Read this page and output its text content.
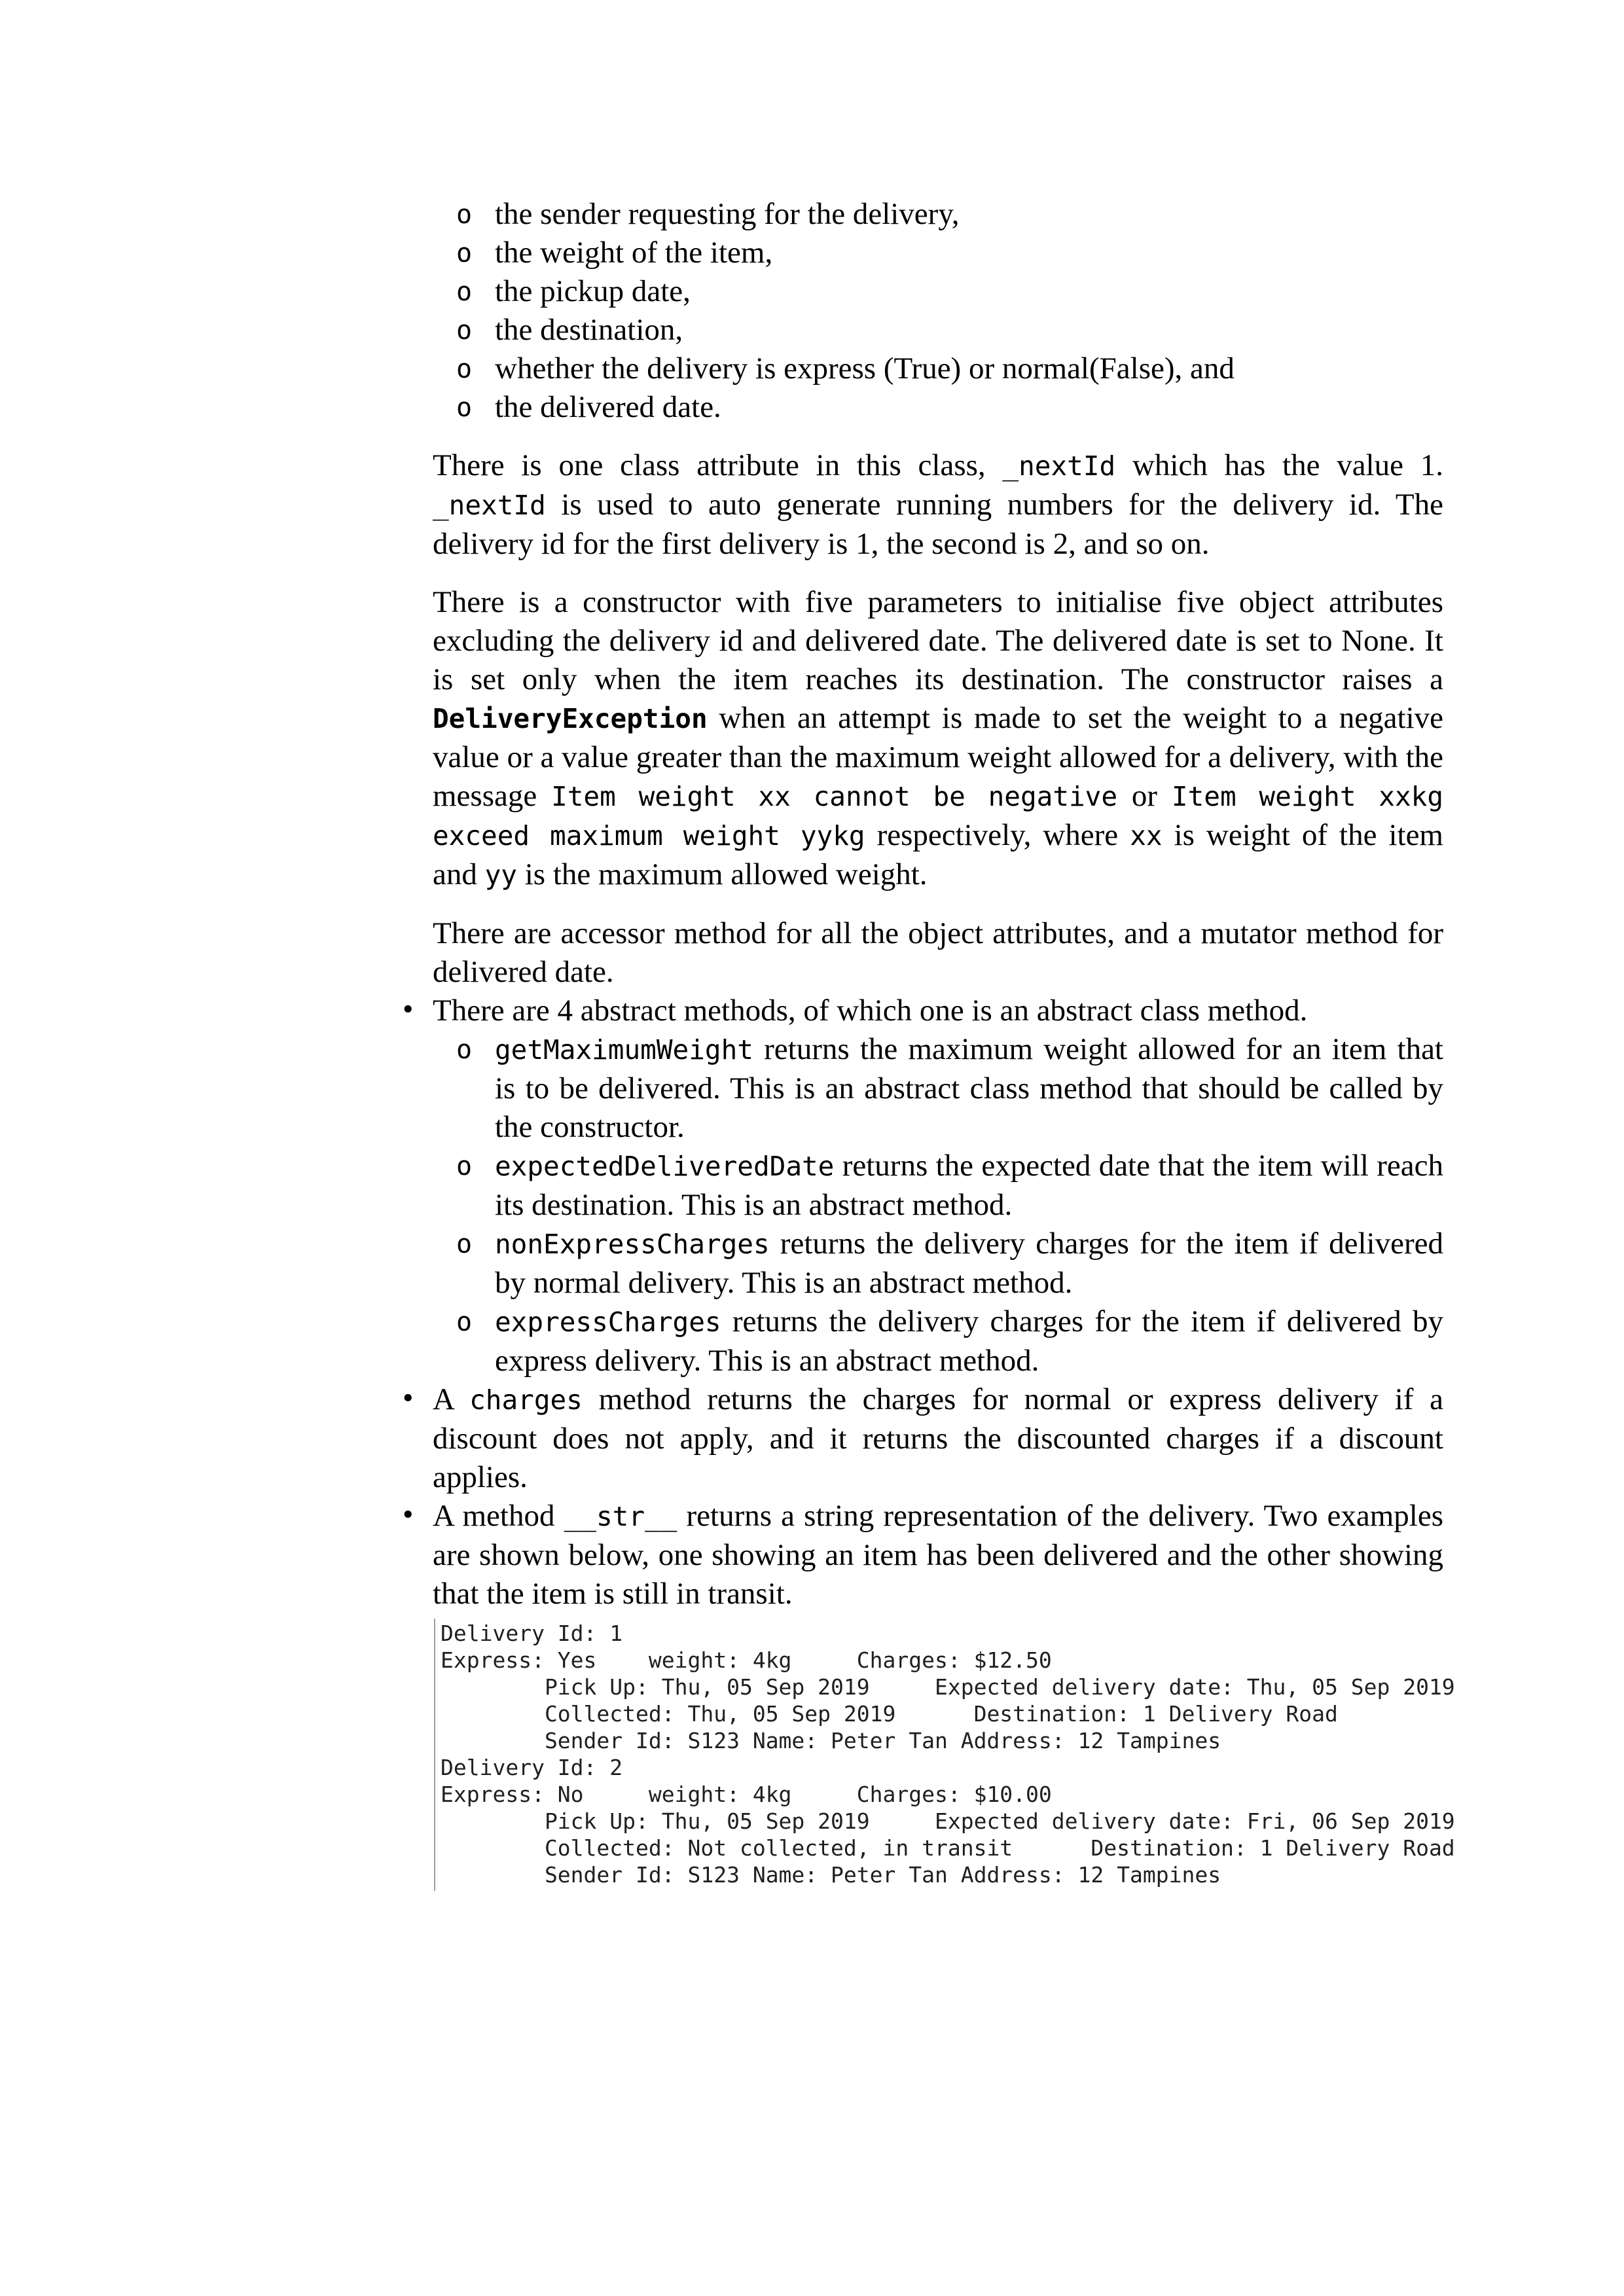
o the sender requesting for the delivery,
o the weight of the item,
o the pickup date,
o the destination,
o whether the delivery is express (True) or normal(False), and
o the delivered date.

There is one class attribute in this class, _nextId which has the value 1. _nextId is used to auto generate running numbers for the delivery id. The delivery id for the first delivery is 1, the second is 2, and so on.

There is a constructor with five parameters to initialise five object attributes excluding the delivery id and delivered date. The delivered date is set to None. It is set only when the item reaches its destination. The constructor raises a DeliveryException when an attempt is made to set the weight to a negative value or a value greater than the maximum weight allowed for a delivery, with the message Item weight xx cannot be negative or Item weight xxkg exceed maximum weight yykg respectively, where xx is weight of the item and yy is the maximum allowed weight.

There are accessor method for all the object attributes, and a mutator method for delivered date.

• There are 4 abstract methods, of which one is an abstract class method.
o getMaximumWeight returns the maximum weight allowed for an item that is to be delivered. This is an abstract class method that should be called by the constructor.
o expectedDeliveredDate returns the expected date that the item will reach its destination. This is an abstract method.
o nonExpressCharges returns the delivery charges for the item if delivered by normal delivery. This is an abstract method.
o expressCharges returns the delivery charges for the item if delivered by express delivery. This is an abstract method.
• A charges method returns the charges for normal or express delivery if a discount does not apply, and it returns the discounted charges if a discount applies.
• A method __str__ returns a string representation of the delivery. Two examples are shown below, one showing an item has been delivered and the other showing that the item is still in transit.
Delivery Id: 1
Express: Yes    weight: 4kg     Charges: $12.50
Pick Up: Thu, 05 Sep 2019     Expected delivery date: Thu, 05 Sep 2019
Collected: Thu, 05 Sep 2019      Destination: 1 Delivery Road
Sender Id: S123 Name: Peter Tan Address: 12 Tampines
Delivery Id: 2
Express: No     weight: 4kg     Charges: $10.00
Pick Up: Thu, 05 Sep 2019     Expected delivery date: Fri, 06 Sep 2019
Collected: Not collected, in transit      Destination: 1 Delivery Road
Sender Id: S123 Name: Peter Tan Address: 12 Tampines
